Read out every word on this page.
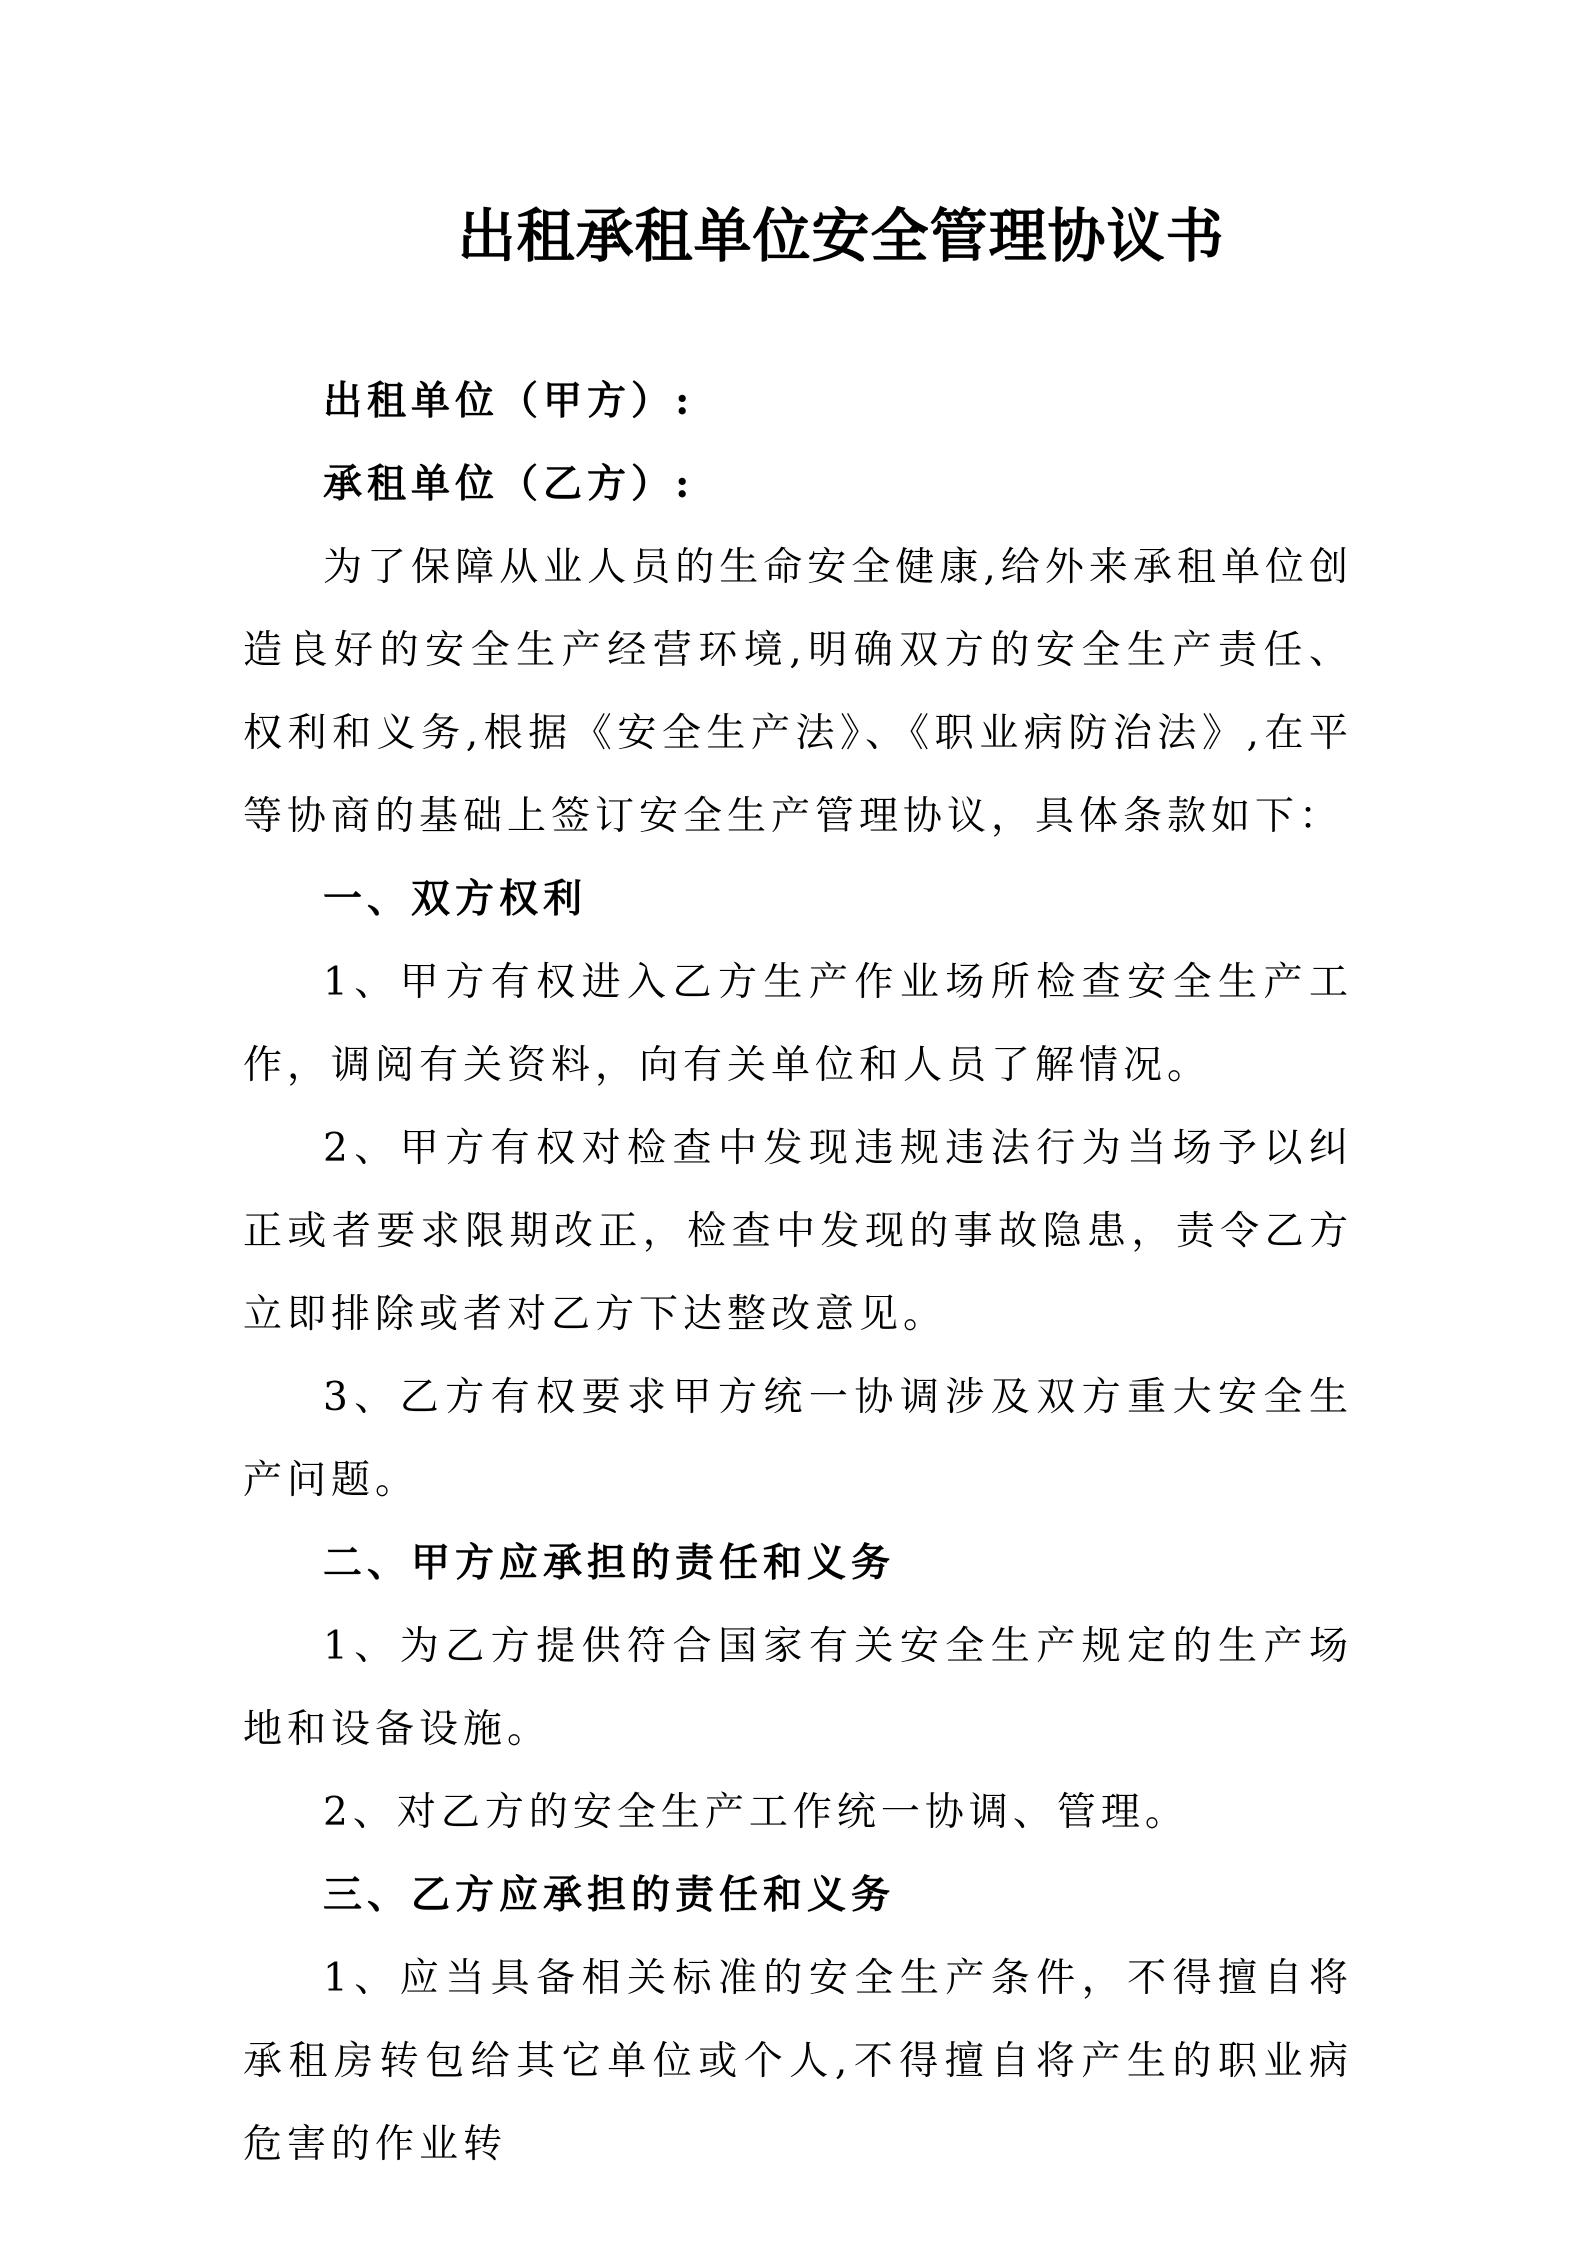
出租承租单位安全管理协议书

出租单位（甲方）:

承租单位（乙方）:

为了保障从业人员的生命安全健康,给外来承租单位创造良好的安全生产经营环境,明确双方的安全生产责任、权利和义务,根据《安全生产法》、《职业病防治法》,在平等协商的基础上签订安全生产管理协议，具体条款如下：

一、双方权利

1、甲方有权进入乙方生产作业场所检查安全生产工作，调阅有关资料，向有关单位和人员了解情况。

2、甲方有权对检查中发现违规违法行为当场予以纠正或者要求限期改正，检查中发现的事故隐患，责令乙方立即排除或者对乙方下达整改意见。

3、乙方有权要求甲方统一协调涉及双方重大安全生产问题。

二、甲方应承担的责任和义务

1、为乙方提供符合国家有关安全生产规定的生产场地和设备设施。

2、对乙方的安全生产工作统一协调、管理。

三、乙方应承担的责任和义务

1、应当具备相关标准的安全生产条件，不得擅自将承租房转包给其它单位或个人,不得擅自将产生的职业病危害的作业转
